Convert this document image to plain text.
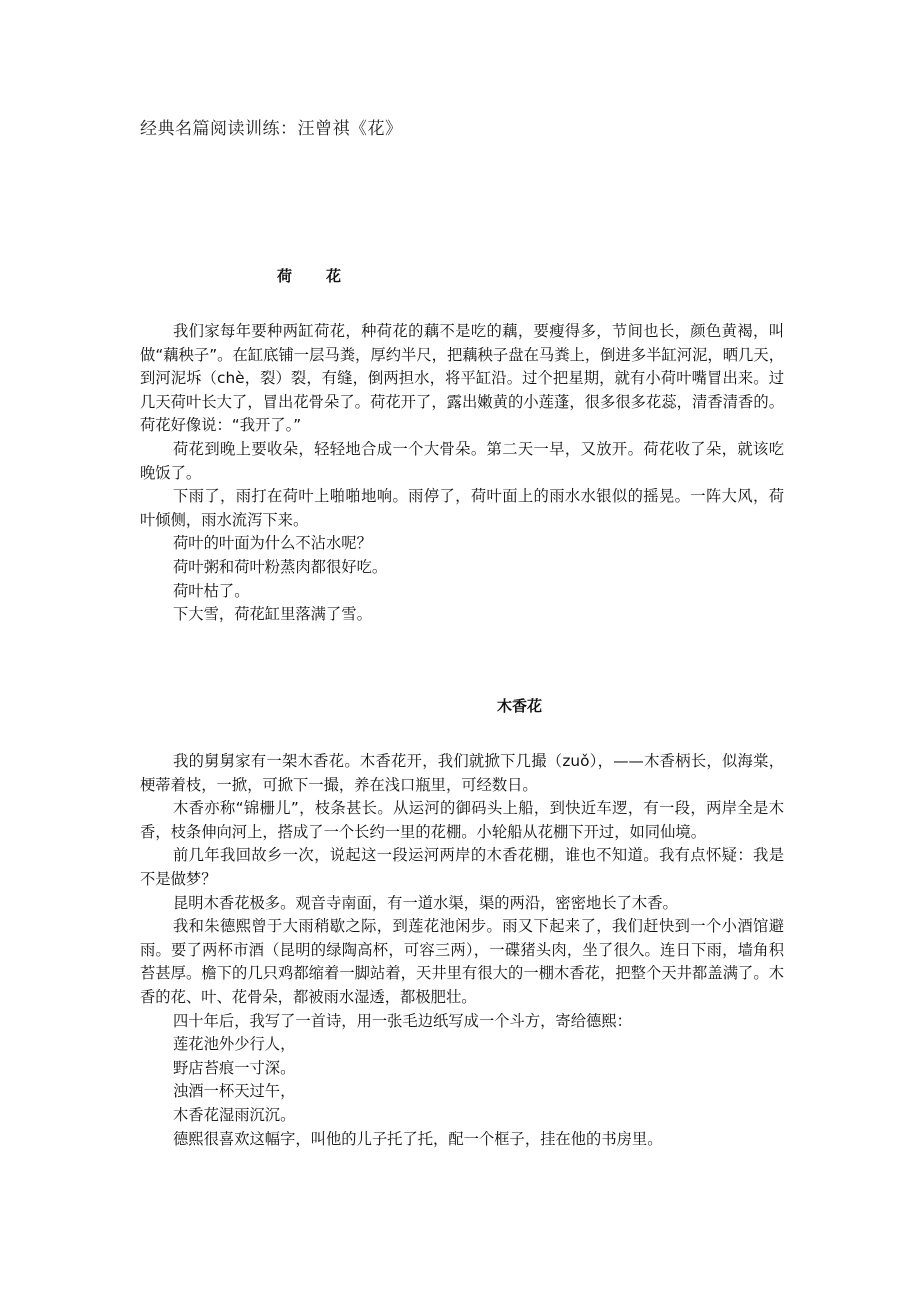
经典名篇阅读训练：汪曾祺《花》
荷 花

我们家每年要种两缸荷花，种荷花的藕不是吃的藕，要瘦得多，节间也长，颜色黄褐，叫做“藕秧子”。在缸底铺一层马粪，厚约半尺，把藕秧子盘在马粪上，倒进多半缸河泥，晒几天，到河泥坼（chè，裂）裂，有缝，倒两担水，将平缸沿。过个把星期，就有小荷叶嘴冒出来。过几天荷叶长大了，冒出花骨朵了。荷花开了，露出嫩黄的小莲蓬，很多很多花蕊，清香清香的。荷花好像说：“我开了。”

荷花到晚上要收朵，轻轻地合成一个大骨朵。第二天一早，又放开。荷花收了朵，就该吃晚饭了。

下雨了，雨打在荷叶上啪啪地响。雨停了，荷叶面上的雨水水银似的摇晃。一阵大风，荷叶倾侧，雨水流泻下来。

荷叶的叶面为什么不沾水呢？

荷叶粥和荷叶粉蒸肉都很好吃。

荷叶枯了。

下大雪，荷花缸里落满了雪。

木香花

我的舅舅家有一架木香花。木香花开，我们就掀下几撮（zuǒ），——木香柄长，似海棠，梗蒂着枝，一掀，可掀下一撮，养在浅口瓶里，可经数日。

木香亦称“锦栅儿”，枝条甚长。从运河的御码头上船，到快近车逻，有一段，两岸全是木香，枝条伸向河上，搭成了一个长约一里的花棚。小轮船从花棚下开过，如同仙境。

前几年我回故乡一次，说起这一段运河两岸的木香花棚，谁也不知道。我有点怀疑：我是不是做梦？

昆明木香花极多。观音寺南面，有一道水渠，渠的两沿，密密地长了木香。

我和朱德熙曾于大雨稍歇之际，到莲花池闲步。雨又下起来了，我们赶快到一个小酒馆避雨。要了两杯市酒（昆明的绿陶高杯，可容三两），一碟猪头肉，坐了很久。连日下雨，墙角积苔甚厚。檐下的几只鸡都缩着一脚站着，天井里有很大的一棚木香花，把整个天井都盖满了。木香的花、叶、花骨朵，都被雨水湿透，都极肥壮。

四十年后，我写了一首诗，用一张毛边纸写成一个斗方，寄给德熙：

莲花池外少行人，

野店苔痕一寸深。

浊酒一杯天过午，

木香花湿雨沉沉。

德熙很喜欢这幅字，叫他的儿子托了托，配一个框子，挂在他的书房里。
